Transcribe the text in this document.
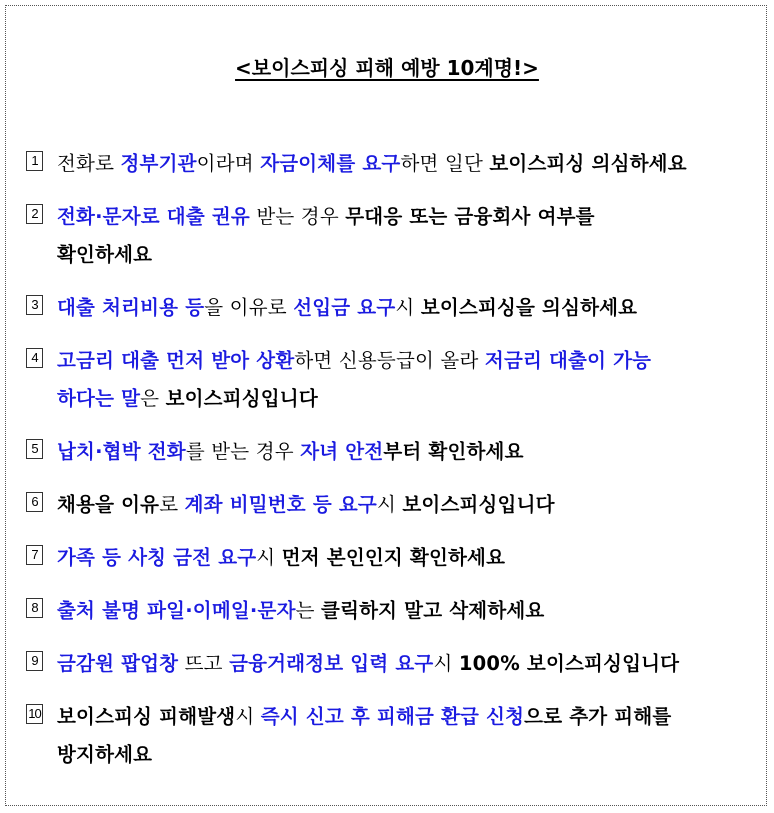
<보이스피싱 피해 예방 10계명!>
1 전화로 정부기관이라며 자금이체를 요구하면 일단 보이스피싱 의심하세요
2 전화·문자로 대출 권유 받는 경우 무대응 또는 금융회사 여부를
확인하세요
3 대출 처리비용 등을 이유로 선입금 요구시 보이스피싱을 의심하세요
4 고금리 대출 먼저 받아 상환하면 신용등급이 올라 저금리 대출이 가능
하다는 말은 보이스피싱입니다
5 납치·협박 전화를 받는 경우 자녀 안전부터 확인하세요
6 채용을 이유로 계좌 비밀번호 등 요구시 보이스피싱입니다
7 가족 등 사칭 금전 요구시 먼저 본인인지 확인하세요
8 출처 불명 파일·이메일·문자는 클릭하지 말고 삭제하세요
9 금감원 팝업창 뜨고 금융거래정보 입력 요구시 100% 보이스피싱입니다
10 보이스피싱 피해발생시 즉시 신고 후 피해금 환급 신청으로 추가 피해를
방지하세요
